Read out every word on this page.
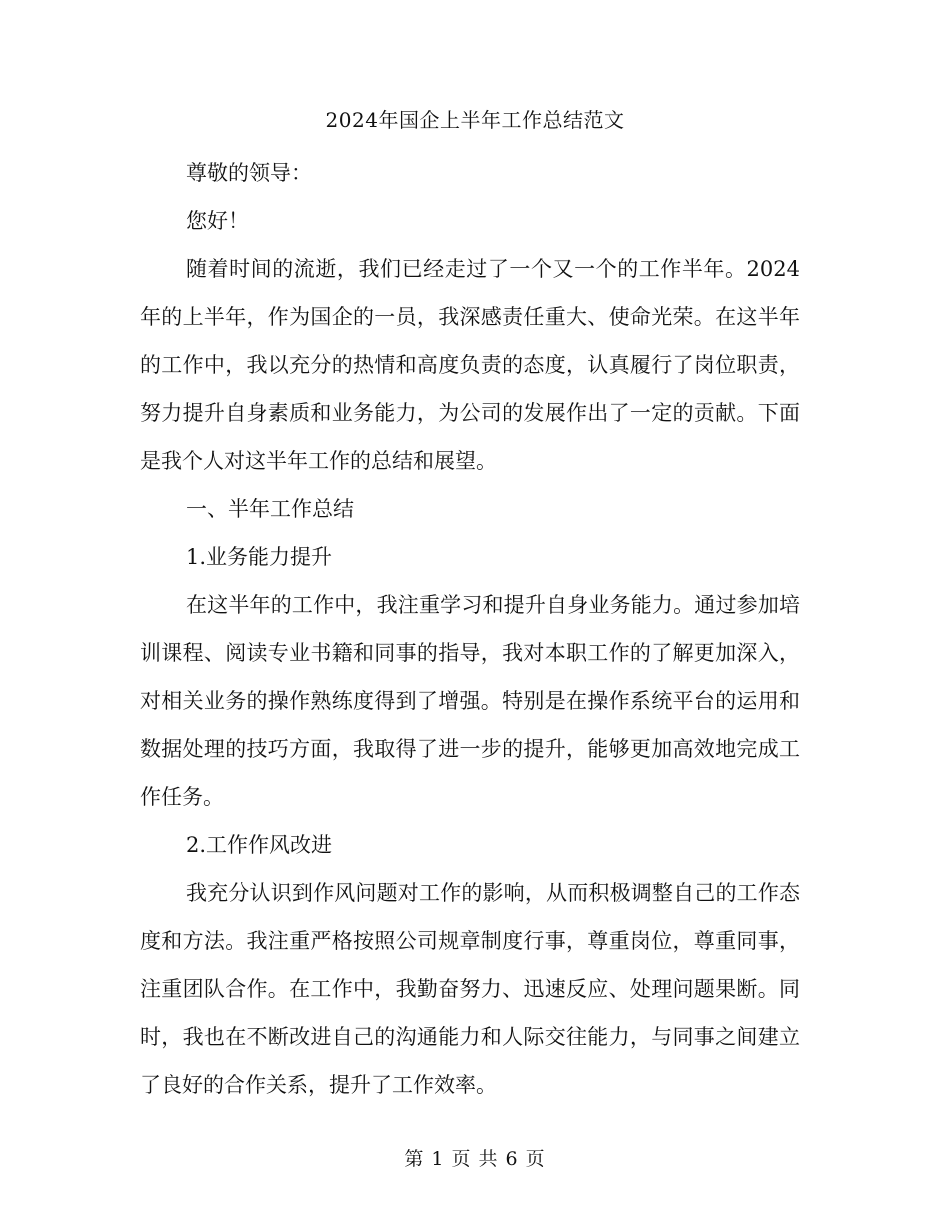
2024年国企上半年工作总结范文

尊敬的领导：

您好！

随着时间的流逝，我们已经走过了一个又一个的工作半年。2024年的上半年，作为国企的一员，我深感责任重大、使命光荣。在这半年的工作中，我以充分的热情和高度负责的态度，认真履行了岗位职责，努力提升自身素质和业务能力，为公司的发展作出了一定的贡献。下面是我个人对这半年工作的总结和展望。

一、半年工作总结

1.业务能力提升

在这半年的工作中，我注重学习和提升自身业务能力。通过参加培训课程、阅读专业书籍和同事的指导，我对本职工作的了解更加深入，对相关业务的操作熟练度得到了增强。特别是在操作系统平台的运用和数据处理的技巧方面，我取得了进一步的提升，能够更加高效地完成工作任务。

2.工作作风改进

我充分认识到作风问题对工作的影响，从而积极调整自己的工作态度和方法。我注重严格按照公司规章制度行事，尊重岗位，尊重同事，注重团队合作。在工作中，我勤奋努力、迅速反应、处理问题果断。同时，我也在不断改进自己的沟通能力和人际交往能力，与同事之间建立了良好的合作关系，提升了工作效率。

第 1 页 共 6 页
